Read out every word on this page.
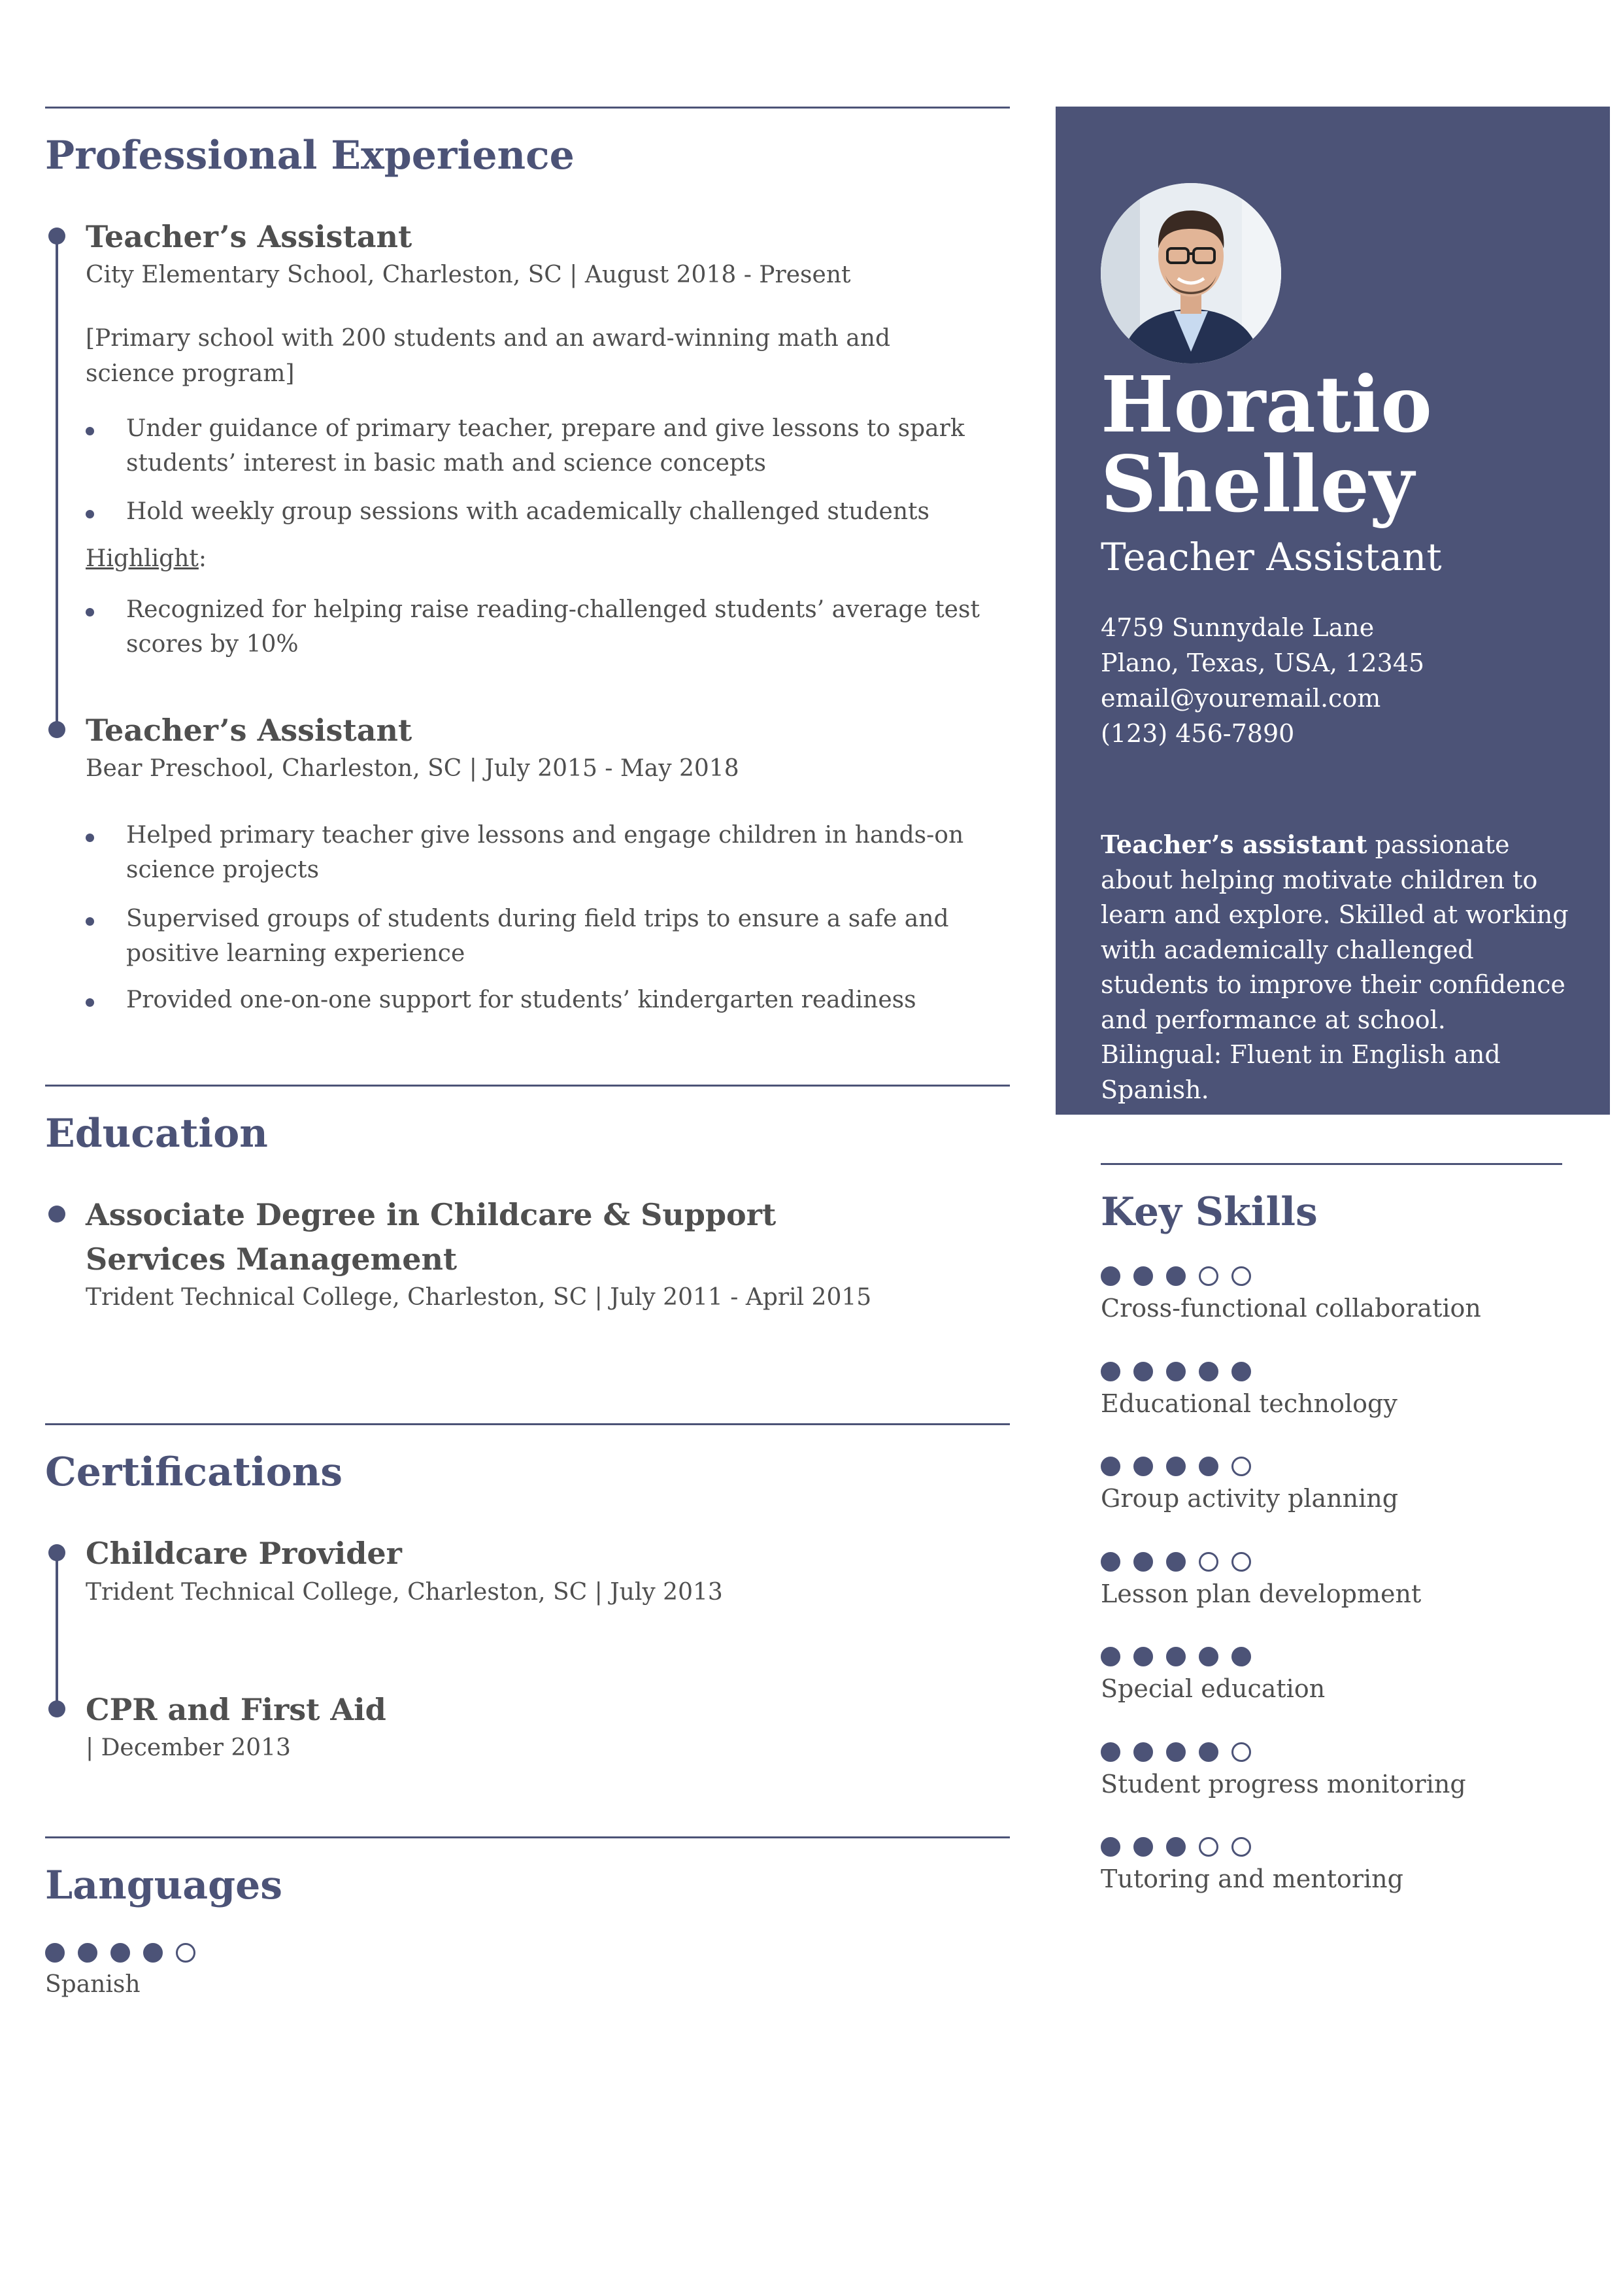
Professional Experience
Teacher’s Assistant
City Elementary School, Charleston, SC | August 2018 - Present
[Primary school with 200 students and an award-winning math and science program]
Under guidance of primary teacher, prepare and give lessons to spark students’ interest in basic math and science concepts
Hold weekly group sessions with academically challenged students
Highlight:
Recognized for helping raise reading-challenged students’ average test scores by 10%
Teacher’s Assistant
Bear Preschool, Charleston, SC | July 2015 - May 2018
Helped primary teacher give lessons and engage children in hands-on science projects
Supervised groups of students during field trips to ensure a safe and positive learning experience
Provided one-on-one support for students’ kindergarten readiness
Education
Associate Degree in Childcare & Support Services Management
Trident Technical College, Charleston, SC | July 2011 - April 2015
Certifications
Childcare Provider
Trident Technical College, Charleston, SC | July 2013
CPR and First Aid
| December 2013
Languages
Spanish
Horatio
Shelley
Teacher Assistant
4759 Sunnydale Lane
Plano, Texas, USA, 12345
email@youremail.com
(123) 456-7890
Teacher’s assistant passionate about helping motivate children to learn and explore. Skilled at working with academically challenged students to improve their confidence and performance at school. Bilingual: Fluent in English and Spanish.
Key Skills
Cross-functional collaboration
Educational technology
Group activity planning
Lesson plan development
Special education
Student progress monitoring
Tutoring and mentoring
